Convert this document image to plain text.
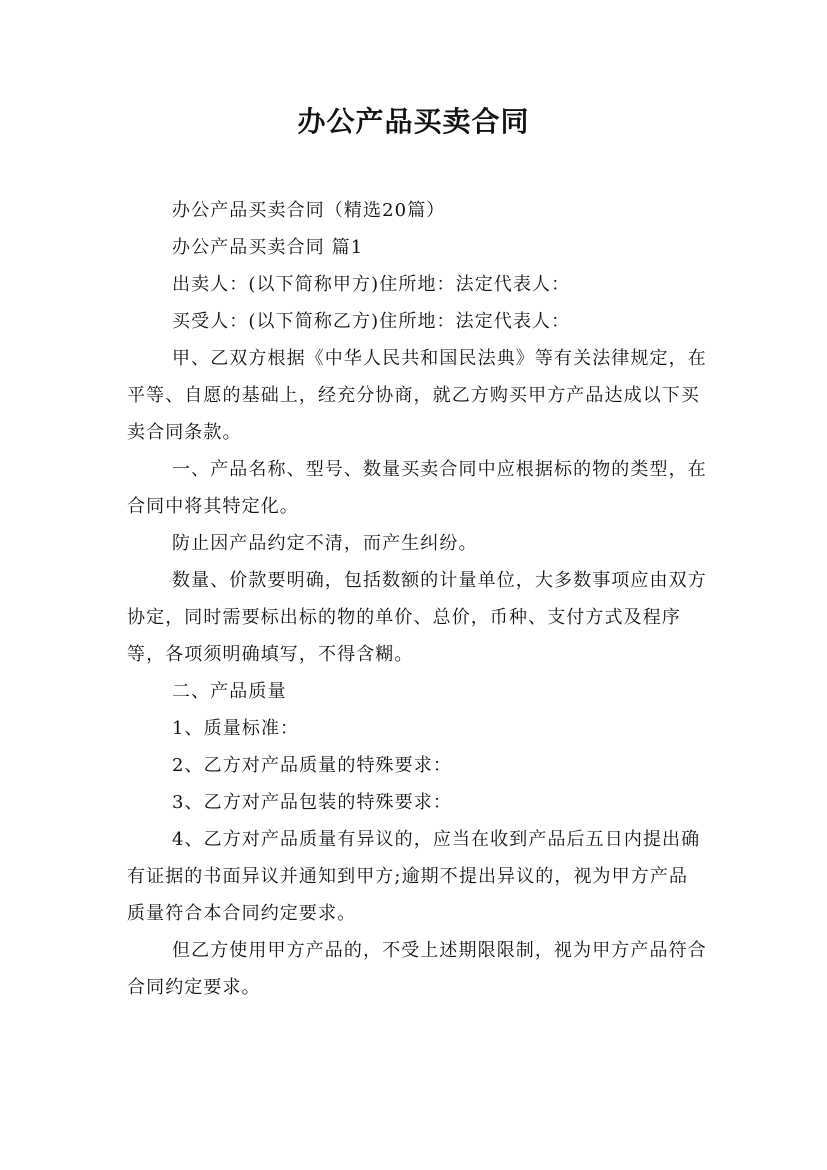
办公产品买卖合同

办公产品买卖合同（精选20篇）

办公产品买卖合同 篇1

出卖人：(以下简称甲方)住所地：法定代表人：

买受人：(以下简称乙方)住所地：法定代表人：

甲、乙双方根据《中华人民共和国民法典》等有关法律规定，在平等、自愿的基础上，经充分协商，就乙方购买甲方产品达成以下买卖合同条款。

一、产品名称、型号、数量买卖合同中应根据标的物的类型，在合同中将其特定化。

防止因产品约定不清，而产生纠纷。

数量、价款要明确，包括数额的计量单位，大多数事项应由双方协定，同时需要标出标的物的单价、总价，币种、支付方式及程序等，各项须明确填写，不得含糊。

二、产品质量

1、质量标准：

2、乙方对产品质量的特殊要求：

3、乙方对产品包装的特殊要求：

4、乙方对产品质量有异议的，应当在收到产品后五日内提出确有证据的书面异议并通知到甲方;逾期不提出异议的，视为甲方产品质量符合本合同约定要求。

但乙方使用甲方产品的，不受上述期限限制，视为甲方产品符合合同约定要求。
